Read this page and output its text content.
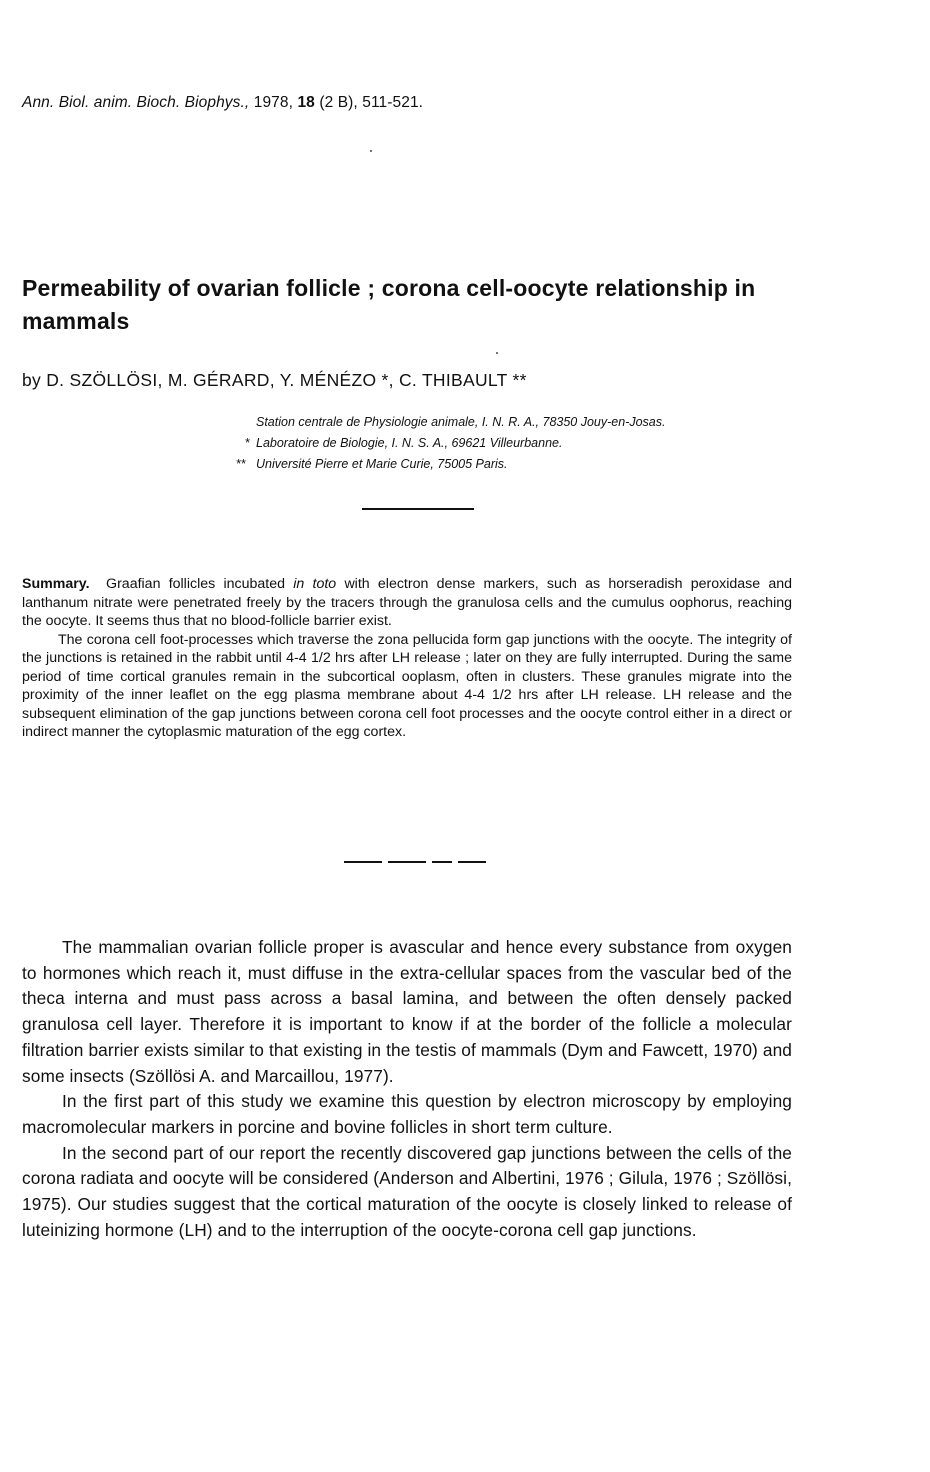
Ann. Biol. anim. Bioch. Biophys., 1978, 18 (2 B), 511-521.
Permeability of ovarian follicle ; corona cell-oocyte relationship in mammals
by D. SZÖLLÖSI, M. GÉRARD, Y. MÉNÉZO *, C. THIBAULT **
Station centrale de Physiologie animale, I. N. R. A., 78350 Jouy-en-Josas.
* Laboratoire de Biologie, I. N. S. A., 69621 Villeurbanne.
** Université Pierre et Marie Curie, 75005 Paris.

Summary. Graafian follicles incubated in toto with electron dense markers, such as horseradish peroxidase and lanthanum nitrate were penetrated freely by the tracers through the granulosa cells and the cumulus oophorus, reaching the oocyte. It seems thus that no blood-follicle barrier exist.

The corona cell foot-processes which traverse the zona pellucida form gap junctions with the oocyte. The integrity of the junctions is retained in the rabbit until 4-4 1/2 hrs after LH release ; later on they are fully interrupted. During the same period of time cortical granules remain in the subcortical ooplasm, often in clusters. These granules migrate into the proximity of the inner leaflet on the egg plasma membrane about 4-4 1/2 hrs after LH release. LH release and the subsequent elimination of the gap junctions between corona cell foot processes and the oocyte control either in a direct or indirect manner the cytoplasmic maturation of the egg cortex.

The mammalian ovarian follicle proper is avascular and hence every substance from oxygen to hormones which reach it, must diffuse in the extra-cellular spaces from the vascular bed of the theca interna and must pass across a basal lamina, and between the often densely packed granulosa cell layer. Therefore it is important to know if at the border of the follicle a molecular filtration barrier exists similar to that existing in the testis of mammals (Dym and Fawcett, 1970) and some insects (Szöllösi A. and Marcaillou, 1977).

In the first part of this study we examine this question by electron microscopy by employing macromolecular markers in porcine and bovine follicles in short term culture.

In the second part of our report the recently discovered gap junctions between the cells of the corona radiata and oocyte will be considered (Anderson and Albertini, 1976 ; Gilula, 1976 ; Szöllösi, 1975). Our studies suggest that the cortical maturation of the oocyte is closely linked to release of luteinizing hormone (LH) and to the interruption of the oocyte-corona cell gap junctions.
